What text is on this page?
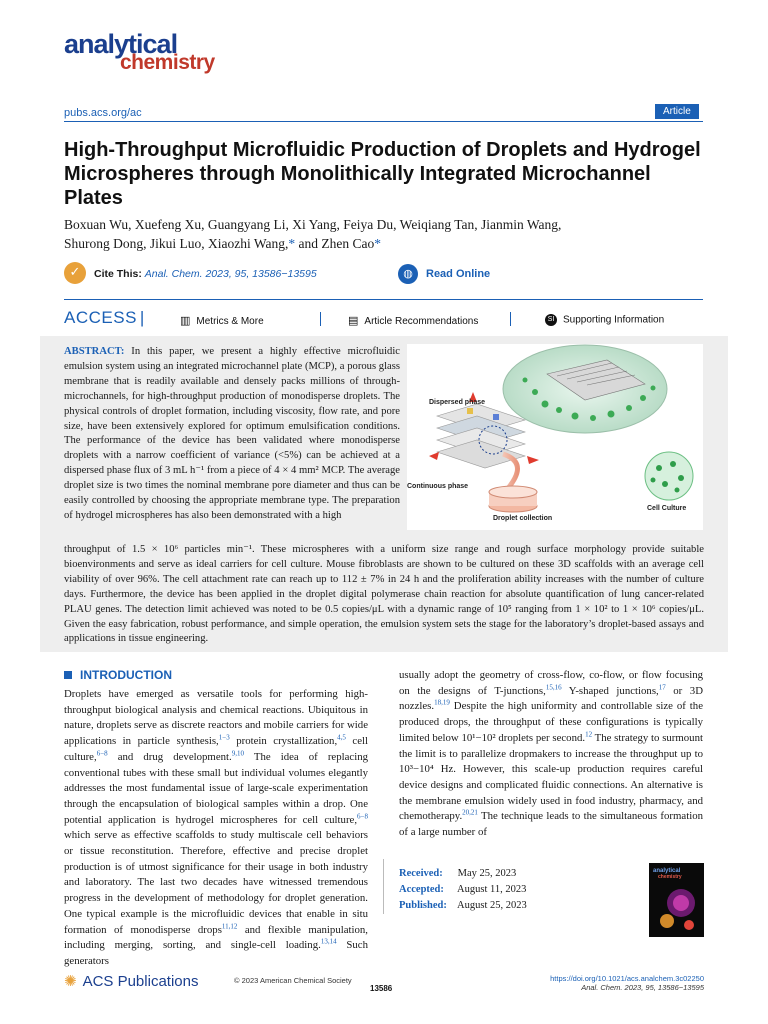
analytical
chemistry
pubs.acs.org/ac	Article
High-Throughput Microfluidic Production of Droplets and Hydrogel Microspheres through Monolithically Integrated Microchannel Plates
Boxuan Wu, Xuefeng Xu, Guangyang Li, Xi Yang, Feiya Du, Weiqiang Tan, Jianmin Wang,
Shurong Dong, Jikui Luo, Xiaozhi Wang,* and Zhen Cao*
✓	Cite This: Anal. Chem. 2023, 95, 13586−13595	◍	Read Online
ACCESS |	▥ Metrics & More	▤ Article Recommendations	SI Supporting Information
ABSTRACT: In this paper, we present a highly effective microfluidic emulsion system using an integrated microchannel plate (MCP), a porous glass membrane that is readily available and densely packs millions of through-microchannels, for high-throughput production of monodisperse droplets. The physical controls of droplet formation, including viscosity, flow rate, and pore size, have been extensively explored for optimum emulsification conditions. The performance of the device has been validated where monodisperse droplets with a narrow coefficient of variance (<5%) can be achieved at a dispersed phase flux of 3 mL h⁻¹ from a piece of 4 × 4 mm² MCP. The average droplet size is two times the nominal membrane pore diameter and thus can be easily controlled by choosing the appropriate membrane type. The preparation of hydrogel microspheres has also been demonstrated with a high
throughput of 1.5 × 10⁶ particles min⁻¹. These microspheres with a uniform size range and rough surface morphology provide suitable bioenvironments and serve as ideal carriers for cell culture. Mouse fibroblasts are shown to be cultured on these 3D scaffolds with an average cell viability of over 96%. The cell attachment rate can reach up to 112 ± 7% in 24 h and the proliferation ability increases with the number of culture days. Furthermore, the device has been applied in the droplet digital polymerase chain reaction for absolute quantification of lung cancer-related PLAU genes. The detection limit achieved was noted to be 0.5 copies/μL with a dynamic range of 10⁵ ranging from 1 × 10² to 1 × 10⁶ copies/μL. Given the easy fabrication, robust performance, and simple operation, the emulsion system sets the stage for the laboratory’s droplet-based assays and applications in tissue engineering.
Dispersed phase
Continuous phase
Droplet collection
Cell Culture
INTRODUCTION
Droplets have emerged as versatile tools for performing high-throughput biological analysis and chemical reactions. Ubiquitous in nature, droplets serve as discrete reactors and mobile carriers for wide applications in particle synthesis,$^{1-3}$ protein crystallization,$^{4,5}$ cell culture,$^{6-8}$ and drug development.$^{9,10}$ The idea of replacing conventional tubes with these small but individual volumes elegantly addresses the most fundamental issue of large-scale experimentation through the encapsulation of biological samples within a drop. One potential application is hydrogel microspheres for cell culture,$^{6-8}$ which serve as effective scaffolds to study multiscale cell behaviors or tissue reconstitution. Therefore, effective and precise droplet production is of utmost significance for their usage in both industry and laboratory. The last two decades have witnessed tremendous progress in the development of methodology for droplet generation. One typical example is the microfluidic devices that enable in situ formation of monodisperse drops$^{11,12}$ and flexible manipulation, including merging, sorting, and single-cell loading.$^{13,14}$ Such generators
usually adopt the geometry of cross-flow, co-flow, or flow focusing on the designs of T-junctions,$^{15,16}$ Y-shaped junctions,$^{17}$ or 3D nozzles.$^{18,19}$ Despite the high uniformity and controllable size of the produced drops, the throughput of these configurations is typically limited below 10¹−10² droplets per second.$^{12}$ The strategy to surmount the limit is to parallelize dropmakers to increase the throughput up to 10³−10⁴ Hz. However, this scale-up production requires careful device designs and complicated fluidic connections. An alternative is the membrane emulsion widely used in food industry, pharmacy, and chemotherapy.$^{20,21}$ The technique leads to the simultaneous formation of a large number of
Received: May 25, 2023
Accepted: August 11, 2023
Published: August 25, 2023
analytical
chemistry
✺ ACS Publications	© 2023 American Chemical Society
13586
https://doi.org/10.1021/acs.analchem.3c02250
Anal. Chem. 2023, 95, 13586−13595
